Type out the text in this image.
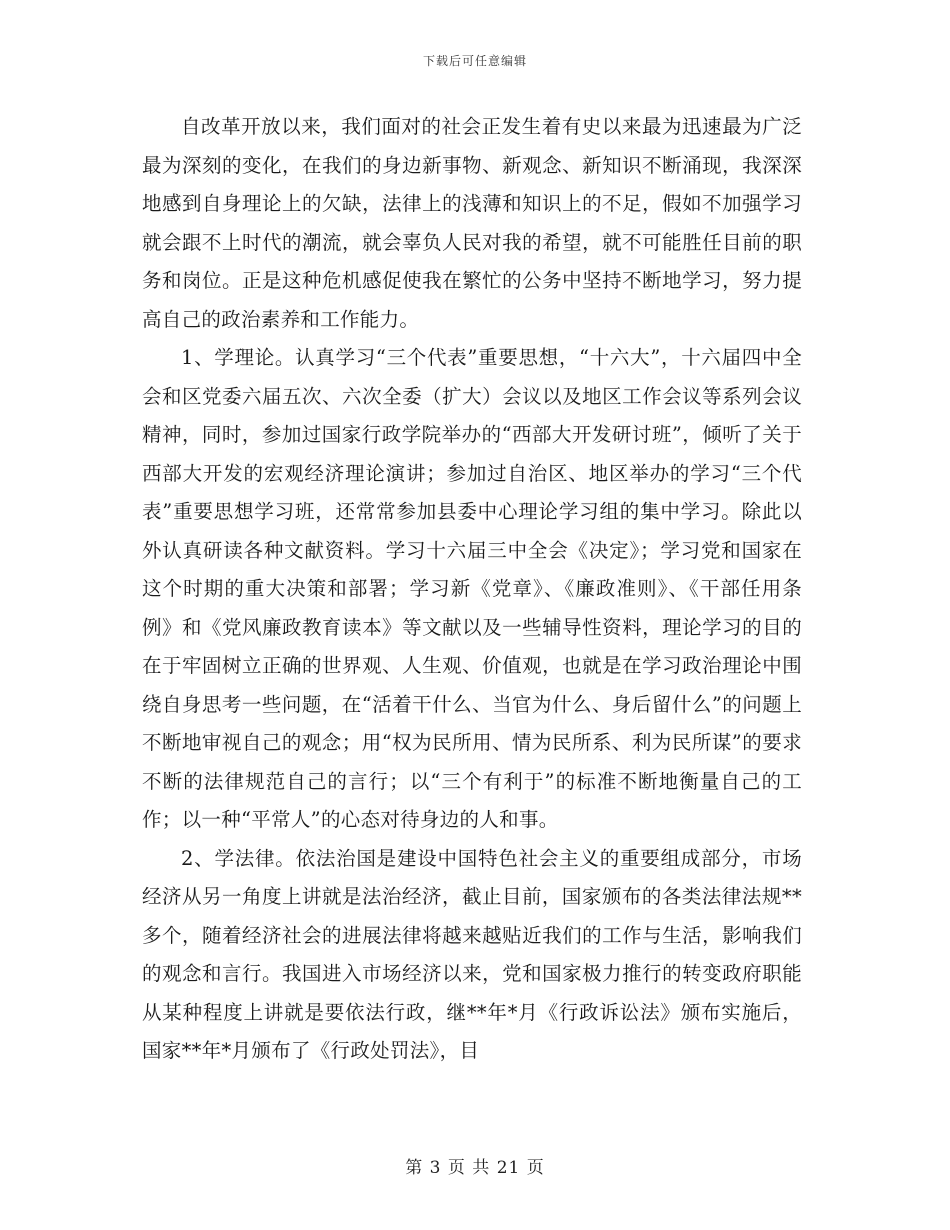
下载后可任意编辑

自改革开放以来，我们面对的社会正发生着有史以来最为迅速最为广泛最为深刻的变化，在我们的身边新事物、新观念、新知识不断涌现，我深深地感到自身理论上的欠缺，法律上的浅薄和知识上的不足，假如不加强学习就会跟不上时代的潮流，就会辜负人民对我的希望，就不可能胜任目前的职务和岗位。正是这种危机感促使我在繁忙的公务中坚持不断地学习，努力提高自己的政治素养和工作能力。

1、学理论。认真学习“三个代表”重要思想，“十六大”，十六届四中全会和区党委六届五次、六次全委（扩大）会议以及地区工作会议等系列会议精神，同时，参加过国家行政学院举办的“西部大开发研讨班”，倾听了关于西部大开发的宏观经济理论演讲；参加过自治区、地区举办的学习“三个代表”重要思想学习班，还常常参加县委中心理论学习组的集中学习。除此以外认真研读各种文献资料。学习十六届三中全会《决定》；学习党和国家在这个时期的重大决策和部署；学习新《党章》、《廉政准则》、《干部任用条例》和《党风廉政教育读本》等文献以及一些辅导性资料，理论学习的目的在于牢固树立正确的世界观、人生观、价值观，也就是在学习政治理论中围绕自身思考一些问题，在“活着干什么、当官为什么、身后留什么”的问题上不断地审视自己的观念；用“权为民所用、情为民所系、利为民所谋”的要求不断的法律规范自己的言行；以“三个有利于”的标准不断地衡量自己的工作；以一种“平常人”的心态对待身边的人和事。

2、学法律。依法治国是建设中国特色社会主义的重要组成部分，市场经济从另一角度上讲就是法治经济，截止目前，国家颁布的各类法律法规**多个，随着经济社会的进展法律将越来越贴近我们的工作与生活，影响我们的观念和言行。我国进入市场经济以来，党和国家极力推行的转变政府职能从某种程度上讲就是要依法行政，继**年*月《行政诉讼法》颁布实施后，国家**年*月颁布了《行政处罚法》，目

第 3 页 共 21 页
